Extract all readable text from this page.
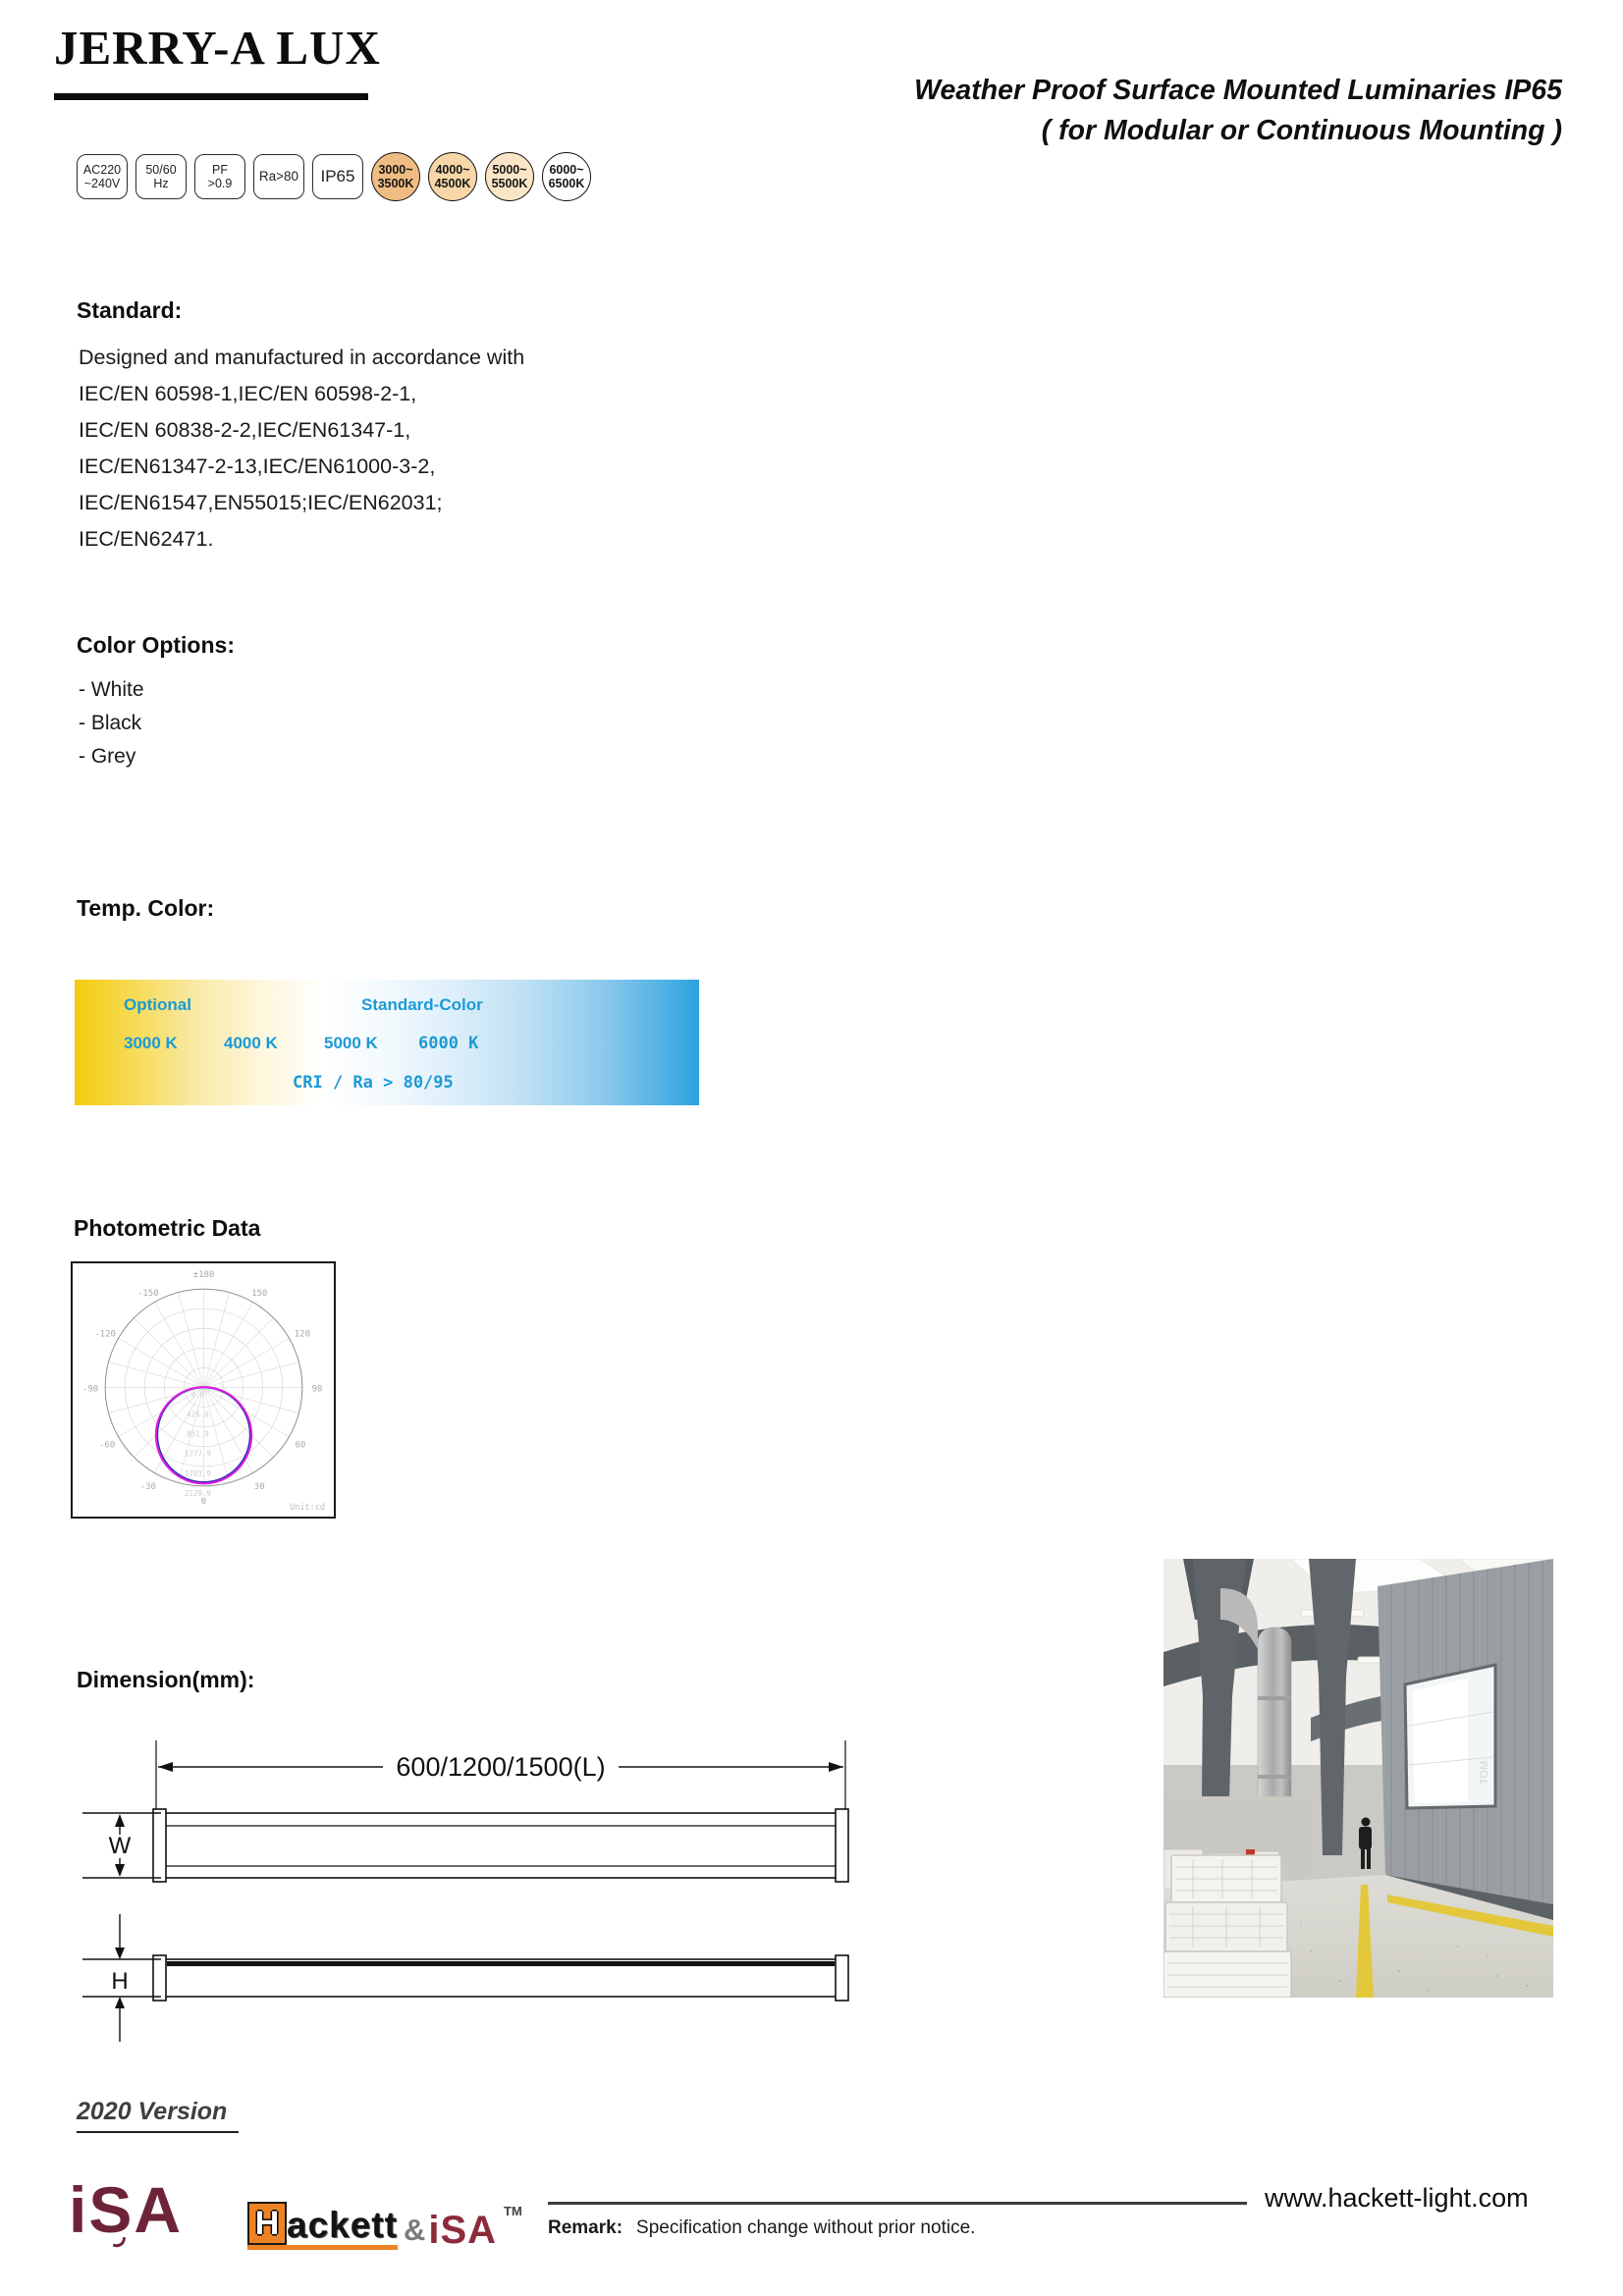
JERRY-A LUX
Weather Proof Surface Mounted Luminaries IP65
( for Modular or Continuous Mounting )
AC220
~240V
50/60
Hz
PF
>0.9 Ra>80 IP65 3000~
3500K
4000~
4500K
5000~
5500K
6000~
6500K
Standard:
Designed and manufactured in accordance with
IEC/EN 60598-1,IEC/EN 60598-2-1,
IEC/EN 60838-2-2,IEC/EN61347-1,
IEC/EN61347-2-13,IEC/EN61000-3-2,
IEC/EN61547,EN55015;IEC/EN62031;
IEC/EN62471.
Color Options:
- White
- Black
- Grey
Temp. Color:
Optional	Standard-Color
3000 K	4000 K	5000 K 6000 K
CRI / Ra > 80/95
Photometric Data
0.0
426.0
851.9
1277.9
1703.9
2129.9
±180
-150	150
-120	120
-90	90
-60	60
-30	30
0
Unit:cd
TOM
Dimension(mm):
600/1200/1500(L)
W
H
2020 Version
iSA H ackett & iSA TM
Remark: Specification change without prior notice.
www.hackett-light.com
